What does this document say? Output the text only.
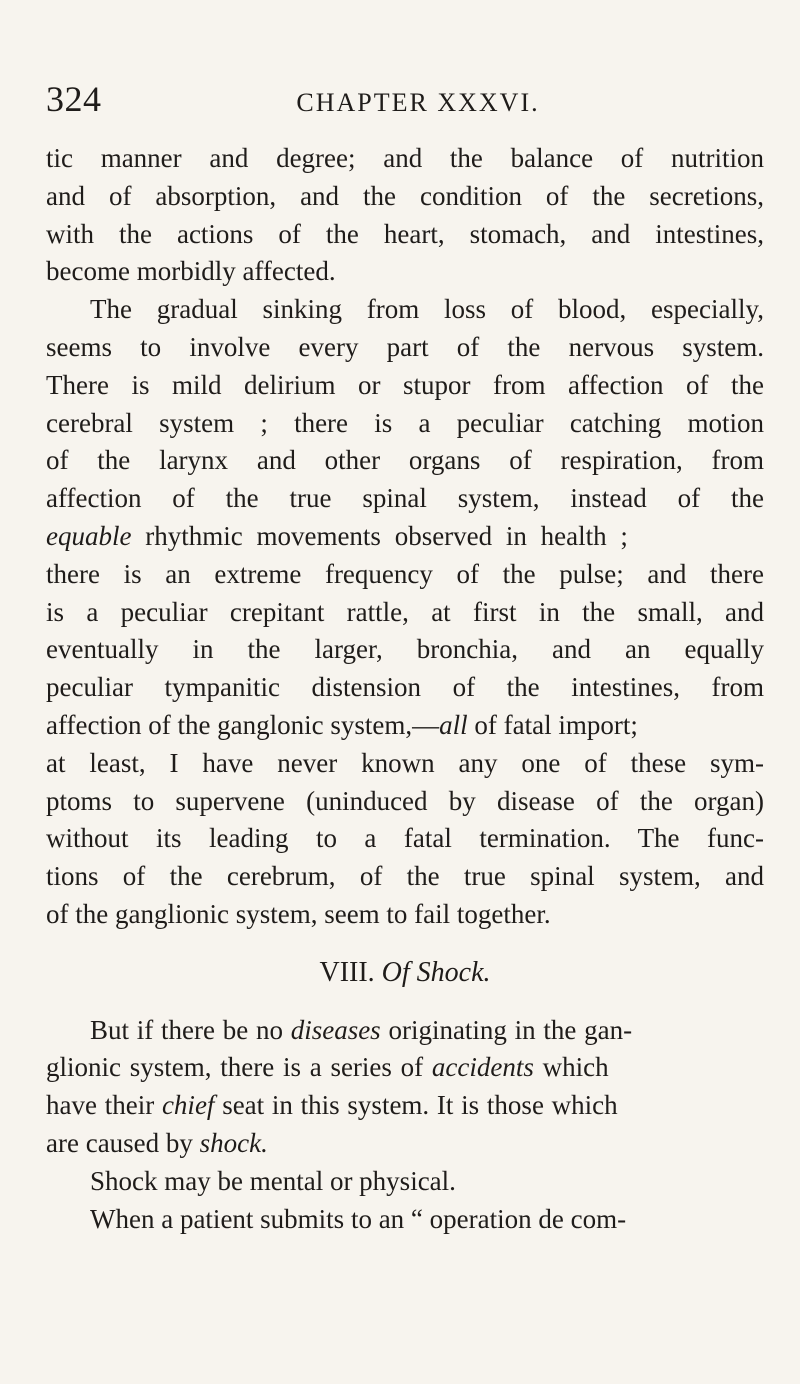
324	CHAPTER XXXVI.
tic manner and degree; and the balance of nutrition
and of absorption, and the condition of the secretions,
with the actions of the heart, stomach, and intestines,
become morbidly affected.
The gradual sinking from loss of blood, especially,
seems to involve every part of the nervous system.
There is mild delirium or stupor from affection of the
cerebral system ; there is a peculiar catching motion
of the larynx and other organs of respiration, from
affection of the true spinal system, instead of the
equable rhythmic movements observed in health ;
there is an extreme frequency of the pulse; and there
is a peculiar crepitant rattle, at first in the small, and
eventually in the larger, bronchia, and an equally
peculiar tympanitic distension of the intestines, from
affection of the ganglonic system,—all of fatal import;
at least, I have never known any one of these sym-
ptoms to supervene (uninduced by disease of the organ)
without its leading to a fatal termination. The func-
tions of the cerebrum, of the true spinal system, and
of the ganglionic system, seem to fail together.
VIII. Of Shock.
But if there be no diseases originating in the gan-
glionic system, there is a series of accidents which
have their chief seat in this system. It is those which
are caused by shock.
Shock may be mental or physical.
When a patient submits to an “ operation de com-
